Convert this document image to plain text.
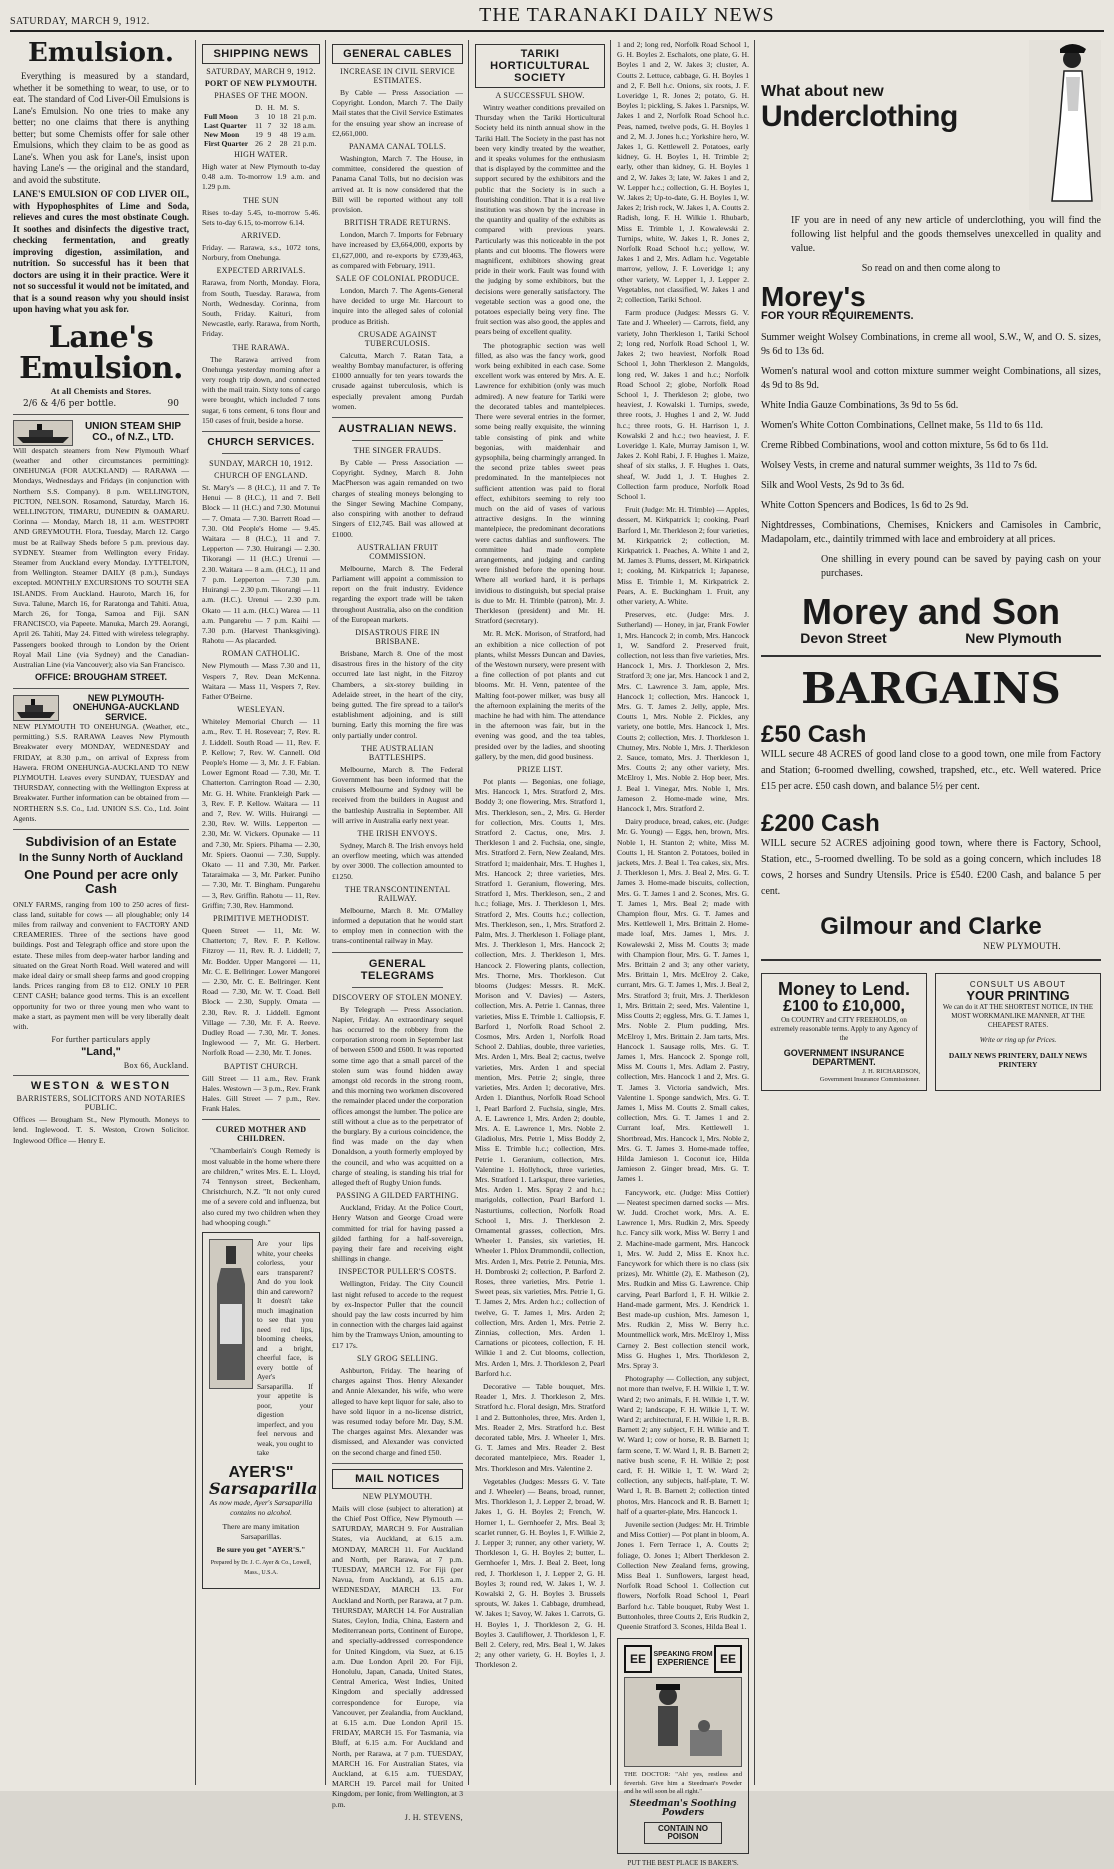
SATURDAY, MARCH 9, 1912.	THE TARANAKI DAILY NEWS
Emulsion.

Everything is measured by a standard, whether it be something to wear, to use, or to eat. The standard of Cod Liver-Oil Emulsions is Lane's Emulsion. No one tries to make any better; no one claims that there is anything better; but some Chemists offer for sale other Emulsions, which they claim to be as good as Lane's. When you ask for Lane's, insist upon having Lane's — the original and the standard, and avoid the substitute.

LANE'S EMULSION OF COD LIVER OIL, with Hypophosphites of Lime and Soda, relieves and cures the most obstinate Cough. It soothes and disinfects the digestive tract, checking fermentation, and greatly improving digestion, assimilation, and nutrition. So successful has it been that doctors are using it in their practice. Were it not so successful it would not be imitated, and that is a sound reason why you should insist upon having what you ask for.

Lane's Emulsion.
At all Chemists and Stores.
2/6 & 4/6 per bottle.	90
UNION STEAM SHIP CO., of N.Z., LTD.

Will despatch steamers from New Plymouth Wharf (weather and other circumstances permitting): ONEHUNGA (FOR AUCKLAND) — RARAWA — Mondays, Wednesdays and Fridays (in conjunction with Northern S.S. Company). 8 p.m. WELLINGTON, PICTON, NELSON. Rosamond, Saturday, March 16. WELLINGTON, TIMARU, DUNEDIN & OAMARU. Corinna — Monday, March 18, 11 a.m. WESTPORT AND GREYMOUTH. Flora, Tuesday, March 12. Cargo must be at Railway Sheds before 5 p.m. previous day. SYDNEY. Steamer from Wellington every Friday. Steamer from Auckland every Monday. LYTTELTON, from Wellington. Steamer DAILY (8 p.m.), Sundays excepted. MONTHLY EXCURSIONS TO SOUTH SEA ISLANDS. From Auckland. Hauroto, March 16, for Suva. Talune, March 16, for Raratonga and Tahiti. Atua, March 26, for Tonga, Samoa and Fiji. SAN FRANCISCO, via Papeete. Manuka, March 29. Aorangi, April 26. Tahiti, May 24. Fitted with wireless telegraphy. Passengers booked through to London by the Orient Royal Mail Line (via Sydney) and the Canadian-Australian Line (via Vancouver); also via San Francisco.

OFFICE: BROUGHAM STREET.
NEW PLYMOUTH-ONEHUNGA-AUCKLAND SERVICE.

NEW PLYMOUTH TO ONEHUNGA. (Weather, etc., permitting.) S.S. RARAWA Leaves New Plymouth Breakwater every MONDAY, WEDNESDAY and FRIDAY, at 8.30 p.m., on arrival of Express from Hawera. FROM ONEHUNGA-AUCKLAND TO NEW PLYMOUTH. Leaves every SUNDAY, TUESDAY and THURSDAY, connecting with the Wellington Express at Breakwater. Further information can be obtained from — NORTHERN S.S. Co., Ltd. UNION S.S. Co., Ltd. Joint Agents.

Subdivision of an Estate
In the Sunny North of Auckland
One Pound per acre only Cash

ONLY FARMS, ranging from 100 to 250 acres of first-class land, suitable for cows — all ploughable; only 14 miles from railway and convenient to FACTORY AND CREAMERIES. Three of the sections have good buildings. Post and Telegraph office and store upon the estate. These miles from deep-water harbor landing and situated on the Great North Road. Well watered and will make ideal dairy or small sheep farms and good cropping lands. Prices ranging from £8 to £12. ONLY 10 PER CENT CASH; balance good terms. This is an excellent opportunity for two or three young men who want to make a start, as payment men will be very liberally dealt with.

For further particulars apply
"Land,"
Box 66, Auckland.
WESTON & WESTON
BARRISTERS, SOLICITORS AND NOTARIES PUBLIC.

Offices — Brougham St., New Plymouth. Moneys to lend. Inglewood. T. S. Weston, Crown Solicitor. Inglewood Office — Henry E.

SHIPPING NEWS
SATURDAY, MARCH 9, 1912.
PORT OF NEW PLYMOUTH.
PHASES OF THE MOON.
	D.	H.	M.	S.
Full Moon	3	10	18	21 p.m.
Last Quarter	11	7	32	18 a.m.
New Moon	19	9	48	19 a.m.
First Quarter	26	2	28	21 p.m.
HIGH WATER.

High water at New Plymouth to-day 0.48 a.m. To-morrow 1.9 a.m. and 1.29 p.m.

THE SUN

Rises to-day 5.45, to-morrow 5.46. Sets to-day 6.15, to-morrow 6.14.

ARRIVED.

Friday. — Rarawa, s.s., 1072 tons, Norbury, from Onehunga.

EXPECTED ARRIVALS.

Rarawa, from North, Monday. Flora, from South, Tuesday. Rarawa, from North, Wednesday. Corinna, from South, Friday. Kaituri, from Newcastle, early. Rarawa, from North, Friday.

THE RARAWA.

The Rarawa arrived from Onehunga yesterday morning after a very rough trip down, and connected with the mail train. Sixty tons of cargo were brought, which included 7 tons sugar, 6 tons cement, 6 tons flour and 150 cases of fruit, beside a horse.

CHURCH SERVICES.
SUNDAY, MARCH 10, 1912.
CHURCH OF ENGLAND.

St. Mary's — 8 (H.C.), 11 and 7. Te Henui — 8 (H.C.), 11 and 7. Bell Block — 11 (H.C.) and 7.30. Motunui — 7. Omata — 7.30. Barrett Road — 7.30. Old People's Home — 9.45. Waitara — 8 (H.C.), 11 and 7. Lepperton — 7.30. Huirangi — 2.30. Tikorangi — 11 (H.C.) Urenui — 2.30. Waitara — 8 a.m. (H.C.), 11 and 7 p.m. Lepperton — 7.30 p.m. Huirangi — 2.30 p.m. Tikorangi — 11 a.m. (H.C.). Urenui — 2.30 p.m. Okato — 11 a.m. (H.C.) Warea — 11 a.m. Pungarehu — 7 p.m. Kaihi — 7.30 p.m. (Harvest Thanksgiving). Rahotu — As placarded.

ROMAN CATHOLIC.

New Plymouth — Mass 7.30 and 11, Vespers 7, Rev. Dean McKenna. Waitara — Mass 11, Vespers 7, Rev. Father O'Beirne.

WESLEYAN.

Whiteley Memorial Church — 11 a.m., Rev. T. H. Rosevear; 7, Rev. R. J. Liddell. South Road — 11, Rev. F. P. Kellow; 7, Rev. W. Cannell. Old People's Home — 3, Mr. J. F. Fabian. Lower Egmont Road — 7.30, Mr. T. Chatterton. Carrington Road — 2.30, Mr. G. H. White. Frankleigh Park — 3, Rev. F. P. Kellow. Waitara — 11 and 7, Rev. W. Wills. Huirangi — 2.30, Rev. W. Wills. Lepperton — 2.30, Mr. W. Vickers. Opunake — 11 and 7.30, Mr. Spiers. Pihama — 2.30, Mr. Spiers. Oaonui — 7.30, Supply. Okato — 11 and 7.30, Mr. Parker. Tataraimaka — 3, Mr. Parker. Puniho — 7.30, Mr. T. Bingham. Pungarehu — 3, Rev. Griffin. Rahotu — 11, Rev. Griffin; 7.30, Rev. Hammond.

PRIMITIVE METHODIST.

Queen Street — 11, Mr. W. Chatterton; 7, Rev. F. P. Kellow. Fitzroy — 11, Rev. R. J. Liddell; 7, Mr. Bodder. Upper Mangorei — 11, Mr. C. E. Bellringer. Lower Mangorei — 2.30, Mr. C. E. Bellringer. Kent Road — 7.30, Mr. W. T. Coad. Bell Block — 2.30, Supply. Omata — 2.30, Rev. R. J. Liddell. Egmont Village — 7.30, Mr. F. A. Reeve. Dudley Road — 7.30, Mr. T. Jones. Inglewood — 7, Mr. G. Herbert. Norfolk Road — 2.30, Mr. T. Jones.

BAPTIST CHURCH.

Gill Street — 11 a.m., Rev. Frank Hales. Westown — 3 p.m., Rev. Frank Hales. Gill Street — 7 p.m., Rev. Frank Hales.

CURED MOTHER AND CHILDREN.

"Chamberlain's Cough Remedy is most valuable in the home where there are children," writes Mrs. E. L. Lloyd, 74 Tennyson street, Beckenham, Christchurch, N.Z. "It not only cured me of a severe cold and influenza, but also cured my two children when they had whooping cough."

Are your lips white, your cheeks colorless, your ears transparent? And do you look thin and careworn? It doesn't take much imagination to see that you need red lips, blooming cheeks, and a bright, cheerful face, is every bottle of Ayer's Sarsaparilla. If your appetite is poor, your digestion imperfect, and you feel nervous and weak, you ought to take

AYER'S"
Sarsaparilla

As now made, Ayer's Sarsaparilla contains no alcohol.

There are many imitation Sarsaparillas.

Be sure you get "AYER'S."

Prepared by Dr. J. C. Ayer & Co., Lowell, Mass., U.S.A.

GENERAL CABLES
INCREASE IN CIVIL SERVICE ESTIMATES.

By Cable — Press Association — Copyright. London, March 7. The Daily Mail states that the Civil Service Estimates for the ensuing year show an increase of £2,661,000.

PANAMA CANAL TOLLS.

Washington, March 7. The House, in committee, considered the question of Panama Canal Tolls, but no decision was arrived at. It is now considered that the Bill will be reported without any toll provision.

BRITISH TRADE RETURNS.

London, March 7. Imports for February have increased by £3,664,000, exports by £1,627,000, and re-exports by £739,463, as compared with February, 1911.

SALE OF COLONIAL PRODUCE.

London, March 7. The Agents-General have decided to urge Mr. Harcourt to inquire into the alleged sales of colonial produce as British.

CRUSADE AGAINST TUBERCULOSIS.

Calcutta, March 7. Ratan Tata, a wealthy Bombay manufacturer, is offering £1000 annually for ten years towards the crusade against tuberculosis, which is especially prevalent among Purdah women.

AUSTRALIAN NEWS.
THE SINGER FRAUDS.

By Cable — Press Association — Copyright. Sydney, March 8. John MacPherson was again remanded on two charges of stealing moneys belonging to the Singer Sewing Machine Company, also conspiring with another to defraud Singers of £12,745. Bail was allowed at £1000.

AUSTRALIAN FRUIT COMMISSION.

Melbourne, March 8. The Federal Parliament will appoint a commission to report on the fruit industry. Evidence regarding the export trade will be taken throughout Australia, also on the condition of the European markets.

DISASTROUS FIRE IN BRISBANE.

Brisbane, March 8. One of the most disastrous fires in the history of the city occurred late last night, in the Fitzroy Chambers, a six-storey building in Adelaide street, in the heart of the city, being gutted. The fire spread to a tailor's establishment adjoining, and is still burning. Early this morning the fire was only partially under control.

THE AUSTRALIAN BATTLESHIPS.

Melbourne, March 8. The Federal Government has been informed that the cruisers Melbourne and Sydney will be received from the builders in August and the battleship Australia in September. All will arrive in Australia early next year.

THE IRISH ENVOYS.

Sydney, March 8. The Irish envoys held an overflow meeting, which was attended by over 3000. The collection amounted to £1250.

THE TRANSCONTINENTAL RAILWAY.

Melbourne, March 8. Mr. O'Malley informed a deputation that he would start to employ men in connection with the trans-continental railway in May.

GENERAL TELEGRAMS
DISCOVERY OF STOLEN MONEY.

By Telegraph — Press Association. Napier, Friday. An extraordinary sequel has occurred to the robbery from the corporation strong room in September last of between £500 and £600. It was reported some time ago that a small parcel of the stolen sum was found hidden away amongst old records in the strong room, and this morning two workmen discovered the remainder placed under the corporation offices amongst the lumber. The police are still without a clue as to the perpetrator of the burglary. By a curious coincidence, the find was made on the day when Donaldson, a youth formerly employed by the council, and who was acquitted on a charge of stealing, is standing his trial for alleged theft of Rugby Union funds.

PASSING A GILDED FARTHING.

Auckland, Friday. At the Police Court, Henry Watson and George Croad were committed for trial for having passed a gilded farthing for a half-sovereign, paying their fare and receiving eight shillings in change.

INSPECTOR PULLER'S COSTS.

Wellington, Friday. The City Council last night refused to accede to the request by ex-Inspector Puller that the council should pay the law costs incurred by him in connection with the charges laid against him by the Tramways Union, amounting to £17 17s.

SLY GROG SELLING.

Ashburton, Friday. The hearing of charges against Thos. Henry Alexander and Annie Alexander, his wife, who were alleged to have kept liquor for sale, also to have sold liquor in a no-license district, was resumed today before Mr. Day, S.M. The charges against Mrs. Alexander was dismissed, and Alexander was convicted on the second charge and fined £50.

MAIL NOTICES
NEW PLYMOUTH.

Mails will close (subject to alteration) at the Chief Post Office, New Plymouth — SATURDAY, MARCH 9. For Australian States, via Auckland, at 6.15 a.m. MONDAY, MARCH 11. For Auckland and North, per Rarawa, at 7 p.m. TUESDAY, MARCH 12. For Fiji (per Navua, from Auckland), at 6.15 a.m. WEDNESDAY, MARCH 13. For Auckland and North, per Rarawa, at 7 p.m. THURSDAY, MARCH 14. For Australian States, Ceylon, India, China, Eastern and Mediterranean ports, Continent of Europe, and specially-addressed correspondence for United Kingdom, via Suez, at 6.15 a.m. Due London April 20. For Fiji, Honolulu, Japan, Canada, United States, Central America, West Indies, United Kingdom and specially addressed correspondence for Europe, via Vancouver, per Zealandia, from Auckland, at 6.15 a.m. Due London April 15. FRIDAY, MARCH 15. For Tasmania, via Bluff, at 6.15 a.m. For Auckland and North, per Rarawa, at 7 p.m. TUESDAY, MARCH 16. For Australian States, via Auckland, at 6.15 a.m. TUESDAY, MARCH 19. Parcel mail for United Kingdom, per Ionic, from Wellington, at 3 p.m.

J. H. STEVENS,
TARIKI HORTICULTURAL SOCIETY
A SUCCESSFUL SHOW.

Wintry weather conditions prevailed on Thursday when the Tariki Horticultural Society held its ninth annual show in the Tariki Hall. The Society in the past has not been very kindly treated by the weather, and it speaks volumes for the enthusiasm that is displayed by the committee and the support secured by the exhibitors and the public that the Society is in such a flourishing condition. That it is a real live institution was shown by the increase in the quantity and quality of the exhibits as compared with previous years. Particularly was this noticeable in the pot plants and cut blooms. The flowers were magnificent, exhibitors showing great pride in their work. Fault was found with the judging by some exhibitors, but the decisions were generally satisfactory. The vegetable section was a good one, the potatoes especially being very fine. The fruit section was also good, the apples and pears being of excellent quality.

The photographic section was well filled, as also was the fancy work, good work being exhibited in each case. Some excellent work was entered by Mrs. A. E. Lawrence for exhibition (only was much admired). A new feature for Tariki were the decorated tables and mantelpieces. There were several entries in the former, some being really exquisite, the winning table consisting of pink and white begonias, with maidenhair and gypsophila, being charmingly arranged. In the second prize tables sweet peas predominated. In the mantelpieces not sufficient attention was paid to floral effect, exhibitors seeming to rely too much on the aid of vases of various attractive designs. In the winning mantelpiece, the predominant decorations were cactus dahlias and sunflowers. The committee had made complete arrangements, and judging and carding were finished before the opening hour. Where all worked hard, it is perhaps invidious to distinguish, but special praise is due to Mr. H. Trimble (patron), Mr. J. Therkleson (president) and Mr. H. Stratford (secretary).

Mr. R. McK. Morison, of Stratford, had an exhibition a nice collection of pot plants, whilst Messrs Duncan and Davies, of the Westown nursery, were present with a fine collection of pot plants and cut blooms. Mr. H. Venn, patentee of the Malting foot-power milker, was busy all the afternoon explaining the merits of the machine he had with him. The attendance in the afternoon was fair, but in the evening was good, and the tea tables, presided over by the ladies, and shooting gallery, by the men, did good business.

PRIZE LIST.

Pot plants — Begonias, one foliage, Mrs. Hancock 1, Mrs. Stratford 2, Mrs. Boddy 3; one flowering, Mrs. Stratford 1, Mrs. Therkleson, sen., 2, Mrs. G. Herder for collection, Mrs. Coutts 1, Mrs. Stratford 2. Cactus, one, Mrs. J. Therkleson 1 and 2. Fuchsia, one, single, Mrs. Stratford 2. Fern, New Zealand, Mrs. Stratford 1; maidenhair, Mrs. T. Hughes 1, Mrs. Hancock 2; three varieties, Mrs. Stratford 1. Geranium, flowering, Mrs. Stratford 1, Mrs. Therkleson, sen., 2 and h.c.; foliage, Mrs. J. Therkleson 1, Mrs. Stratford 2, Mrs. Coutts h.c.; collection, Mrs. Therkleson, sen., 1, Mrs. Stratford 2. Palm, Mrs. J. Therkleson 1. Foliage plant, Mrs. J. Therkleson 1, Mrs. Hancock 2; collection, Mrs. J. Therkleson 1, Mrs. Hancock 2. Flowering plants, collection, Mrs. Thorne, Mrs. Thorkleson. Cut blooms (Judges: Messrs. R. McK. Morison and V. Davies) — Asters, collection, Mrs. A. Petrie 1. Cannas, three varieties, Miss E. Trimble 1. Calliopsis, F. Barford 1, Norfolk Road School 2. Cosmos, Mrs. Arden 1, Norfolk Road School 2. Dahlias, double, three varieties, Mrs. Arden 1, Mrs. Beal 2; cactus, twelve varieties, Mrs. Arden 1 and special mention, Mrs. Petrie 2; single, three varieties, Mrs. Arden 1; decorative, Mrs. Arden 1. Dianthus, Norfolk Road School 1, Pearl Barford 2. Fuchsia, single, Mrs. A. E. Lawrence 1, Mrs. Arden 2; double, Mrs. A. E. Lawrence 1, Mrs. Noble 2. Gladiolus, Mrs. Petrie 1, Miss Boddy 2, Miss E. Trimble h.c.; collection, Mrs. Petrie 1. Geranium, collection, Mrs. Valentine 1. Hollyhock, three varieties, Mrs. Stratford 1. Larkspur, three varieties, Mrs. Arden 1. Mrs. Spray 2 and h.c.; marigolds, collection, Pearl Barford 1. Nasturtiums, collection, Norfolk Road School 1, Mrs. J. Therkleson 2. Ornamental grasses, collection, Mrs. Wheeler 1. Pansies, six varieties, H. Wheeler 1. Phlox Drummondii, collection, Mrs. Arden 1, Mrs. Petrie 2. Petunia, Mrs. H. Dombroski 2; collection, P. Barford 2. Roses, three varieties, Mrs. Petrie 1. Sweet peas, six varieties, Mrs. Petrie 1, G. T. James 2, Mrs. Arden h.c.; collection of twelve, G. T. James 1, Mrs. Arden 2; collection, Mrs. Arden 1, Mrs. Petrie 2. Zinnias, collection, Mrs. Arden 1. Carnations or picotees, collection, F. H. Wilkie 1 and 2. Cut blooms, collection, Mrs. Arden 1, Mrs. J. Thorkleson 2, Pearl Barford h.c.

Decorative — Table bouquet, Mrs. Reader 1, Mrs. J. Thorkleson 2, Mrs. Stratford h.c. Floral design, Mrs. Stratford 1 and 2. Buttonholes, three, Mrs. Arden 1, Mrs. Reader 2, Mrs. Stratford h.c. Best decorated table, Mrs. J. Wheeler 1, Mrs. G. T. James and Mrs. Reader 2. Best decorated mantelpiece, Mrs. Reader 1, Mrs. Thorkleson and Mrs. Valentine 2.

Vegetables (Judges: Messrs G. V. Tate and J. Wheeler) — Beans, broad, runner, Mrs. Thorkleson 1, J. Lepper 2, broad, W. Jakes 1, G. H. Boyles 2; French, W. Horner 1, L. Gernhoefer 2, Mrs. Beal 3; scarlet runner, G. H. Boyles 1, F. Wilkie 2, J. Lepper 3; runner, any other variety, W. Thorkleson 1, G. H. Boyles 2; butter, L. Gernhoefer 1, Mrs. J. Beal 2. Beet, long red, J. Thorkleson 1, J. Lepper 2, G. H. Boyles 3; round red, W. Jakes 1, W. J. Kowalski 2, G. H. Boyles 3. Brussels sprouts, W. Jakes 1. Cabbage, drumhead, W. Jakes 1; Savoy, W. Jakes 1. Carrots, G. H. Boyles 1, J. Thorkleson 2, G. H. Boyles 3. Cauliflower, J. Thorkleson 1, F. Bell 2. Celery, red, Mrs. Beal 1, W. Jakes 2; any other variety, G. H. Boyles 1, J. Thorkleson 2.

1 and 2; long red, Norfolk Road School 1, G. H. Boyles 2. Eschalots, one plate, G. H. Boyles 1 and 2, W. Jakes 3; cluster, A. Coutts 2. Lettuce, cabbage, G. H. Boyles 1 and 2, F. Bell h.c. Onions, six roots, J. F. Loveridge 1, R. Jones 2; potato, G. H. Boyles 1; pickling, S. Jakes 1. Parsnips, W. Jakes 1 and 2, Norfolk Road School h.c. Peas, named, twelve pods, G. H. Boyles 1 and 2, M. J. Jones h.c.; Yorkshire hero, W. Jakes 1, G. Kettlewell 2. Potatoes, early kidney, G. H. Boyles 1, H. Trimble 2; early, other than kidney, G. H. Boyles 1 and 2, W. Jakes 3; late, W. Jakes 1 and 2, W. Lepper h.c.; collection, G. H. Boyles 1, W. Jakes 2; Up-to-date, G. H. Boyles 1, W. Jakes 2; Irish rock, W. Jakes 1, A. Coutts 2. Radish, long, F. H. Wilkie 1. Rhubarb, Miss E. Trimble 1, J. Kowalewski 2. Turnips, white, W. Jakes 1, R. Jones 2, Norfolk Road School h.c.; yellow, W. Jakes 1 and 2, Mrs. Adlam h.c. Vegetable marrow, yellow, J. F. Loveridge 1; any other variety, W. Lepper 1, J. Lepper 2. Vegetables, not classified, W. Jakes 1 and 2; collection, Tariki School.

Farm produce (Judges: Messrs G. V. Tate and J. Wheeler) — Carrots, field, any variety, John Therkleson 1, Tariki School 2; long red, Norfolk Road School 1, W. Jakes 2; two heaviest, Norfolk Road School 1, John Therkleson 2. Mangolds, long red, W. Jakes 1 and h.c.; Norfolk Road School 2; globe, Norfolk Road School 1, J. Therkleson 2; globe, two heaviest, J. Kowalski 1. Turnips, swede, three roots, J. Hughes 1 and 2, W. Judd h.c.; three roots, G. H. Harrison 1, J. Kowalski 2 and h.c.; two heaviest, J. F. Loveridge 1. Kale, Murray Jamison 1, W. Jakes 2. Kohl Rabi, J. F. Hughes 1. Maize, sheaf of six stalks, J. F. Hughes 1. Oats, sheaf, W. Judd 1, J. T. Hughes 2. Collection farm produce, Norfolk Road School 1.

Fruit (Judge: Mr. H. Trimble) — Apples, dessert, M. Kirkpatrick 1; cooking, Pearl Barford 1, Mr. Therkleson 2; four varieties, M. Kirkpatrick 2; collection, M. Kirkpatrick 1. Peaches, A. White 1 and 2, M. James 3. Plums, dessert, M. Kirkpatrick 1; cooking, M. Kirkpatrick 1; Japanese, Miss E. Trimble 1, M. Kirkpatrick 2. Pears, A. E. Buckingham 1. Fruit, any other variety, A. White.

Preserves, etc. (Judge: Mrs. J. Sutherland) — Honey, in jar, Frank Fowler 1, Mrs. Hancock 2; in comb, Mrs. Hancock 1, W. Sandford 2. Preserved fruit, collection, not less than five varieties, Mrs. Hancock 1, Mrs. J. Thorkleson 2, Mrs. Stratford 3; one jar, Mrs. Hancock 1 and 2, Mrs. C. Lawrence 3. Jam, apple, Mrs. Hancock 1; collection, Mrs. Hancock 1, Mrs. G. T. James 2. Jelly, apple, Mrs. Coutts 1, Mrs. Noble 2. Pickles, any variety, one bottle, Mrs. Hancock 1, Mrs. Coutts 2; collection, Mrs. J. Thorkleson 1. Chutney, Mrs. Noble 1, Mrs. J. Therkleson 2. Sauce, tomato, Mrs. J. Therkleson 1, Mrs. Coutts 2; any other variety, Mrs. McElroy 1, Mrs. Noble 2. Hop beer, Mrs. J. Beal 1. Vinegar, Mrs. Noble 1, Mrs. Jameson 2. Home-made wine, Mrs. Hancock 1, Mrs. Stratford 2.

Dairy produce, bread, cakes, etc. (Judge: Mr. G. Young) — Eggs, hen, brown, Mrs. Noble 1, H. Stanton 2; white, Miss M. Coutts 1, H. Stanton 2. Potatoes, boiled in jackets, Mrs. J. Beal 1. Tea cakes, six, Mrs. J. Therkleson 1, Mrs. J. Beal 2, Mrs. G. T. James 3. Home-made biscuits, collection, Mrs. G. T. James 1 and 2. Scones, Mrs. G. T. James 1, Mrs. Beal 2; made with Champion flour, Mrs. G. T. James and Mrs. Kettlewell 1, Mrs. Brittain 2. Home-made loaf, Mrs. James 1, Mrs. J. Kowalewski 2, Miss M. Coutts 3; made with Champion flour, Mrs. G. T. James 1, Mrs. Brittain 2 and 3; any other variety, Mrs. Brittain 1, Mrs. McElroy 2. Cake, currant, Mrs. G. T. James 1, Mrs. J. Beal 2, Mrs. Stratford 3; fruit, Mrs. J. Therkleson 1, Mrs. Brittain 2; seed, Mrs. Valentine 1, Miss Coutts 2; eggless, Mrs. G. T. James 1, Mrs. Noble 2. Plum pudding, Mrs. McElroy 1, Mrs. Brittain 2. Jam tarts, Mrs. Hancock 1. Sausage rolls, Mrs. G. T. James 1, Mrs. Hancock 2. Sponge roll, Miss M. Coutts 1, Mrs. Adlam 2. Pastry, collection, Mrs. Hancock 1 and 2, Mrs. G. T. James 3. Victoria sandwich, Mrs. Valentine 1. Sponge sandwich, Mrs. G. T. James 1, Miss M. Coutts 2. Small cakes, collection, Mrs. G. T. James 1 and 2. Currant loaf, Mrs. Kettlewell 1. Shortbread, Mrs. Hancock 1, Mrs. Noble 2, Mrs. G. T. James 3. Home-made toffee, Hilda Jamieson 1. Coconut ice, Hilda Jamieson 2. Ginger bread, Mrs. G. T. James 1.

Fancywork, etc. (Judge: Miss Cottier) — Neatest specimen darned socks — Mrs. W. Judd. Crochet work, Mrs. A. E. Lawrence 1, Mrs. Rudkin 2, Mrs. Speedy h.c. Fancy silk work, Miss W. Berry 1 and 2. Machine-made garment, Mrs. Hancock 1, Mrs. W. Judd 2, Miss E. Knox h.c. Fancywork for which there is no class (six prizes), Mr. Whittle (2), E. Matheson (2), Mrs. Rudkin and Miss G. Lawrence. Chip carving, Pearl Barford 1, F. H. Wilkie 2. Hand-made garment, Mrs. J. Kendrick 1. Best made-up cushion, Mrs. Jameson 1, Mrs. Rudkin 2, Miss W. Berry h.c. Mountmellick work, Mrs. McElroy 1, Miss Carney 2. Best collection stencil work, Miss G. Hughes 1, Mrs. Thorkleson 2, Mrs. Spray 3.

Photography — Collection, any subject, not more than twelve, F. H. Wilkie 1, T. W. Ward 2; two animals, F. H. Wilkie 1, T. W. Ward 2; landscape, F. H. Wilkie 1, T. W. Ward 2; architectural, F. H. Wilkie 1, R. B. Barnett 2; any subject, F. H. Wilkie and T. W. Ward 1; cow or horse, R. B. Barnett 1; farm scene, T. W. Ward 1, R. B. Barnett 2; native bush scene, F. H. Wilkie 2; post card, F. H. Wilkie 1, T. W. Ward 2; collection, any subjects, half-plate, T. W. Ward 1, R. B. Barnett 2; collection tinted photos, Mrs. Hancock and R. B. Barnett 1; half of a quarter-plate, Mrs. Hancock 1.

Juvenile section (Judges: Mr. H. Trimble and Miss Cottier) — Pot plant in bloom, A. Jones 1. Fern Terrace 1, A. Coutts 2; foliage, O. Jones 1; Albert Therkleson 2. Collection New Zealand ferns, growing, Miss Beal 1. Sunflowers, largest head, Norfolk Road School 1. Collection cut flowers, Norfolk Road School 1, Pearl Barford h.c. Table bouquet, Ruby West 1. Buttonholes, three Coutts 2, Eris Rudkin 2, Queenie Stratford 3. Scones, Hilda Beal 1.

EE	SPEAKING FROM
EXPERIENCE EE

THE DOCTOR: "Ah! yes, restless and feverish. Give him a Steedman's Powder and he will soon be all right."

Steedman's Soothing Powders
CONTAIN NO POISON

PUT THE BEST PLACE IS BAKER'S.

What about new
Underclothing

IF you are in need of any new article of underclothing, you will find the following list helpful and the goods themselves unexcelled in quality and value.

So read on and then come along to

Morey's
FOR YOUR REQUIREMENTS.

Summer weight Wolsey Combinations, in creme all wool, S.W., W, and O. S. sizes, 9s 6d to 13s 6d.

Women's natural wool and cotton mixture summer weight Combinations, all sizes, 4s 9d to 8s 9d.

White India Gauze Combinations, 3s 9d to 5s 6d.

Women's White Cotton Combinations, Cellnet make, 5s 11d to 6s 11d.

Creme Ribbed Combinations, wool and cotton mixture, 5s 6d to 6s 11d.

Wolsey Vests, in creme and natural summer weights, 3s 11d to 7s 6d.

Silk and Wool Vests, 2s 9d to 3s 6d.

White Cotton Spencers and Bodices, 1s 6d to 2s 9d.

Nightdresses, Combinations, Chemises, Knickers and Camisoles in Cambric, Madapolam, etc., daintily trimmed with lace and embroidery at all prices.

One shilling in every pound can be saved by paying cash on your purchases.

Morey and Son
Devon Street	New Plymouth
BARGAINS
£50 Cash

WILL secure 48 ACRES of good land close to a good town, one mile from Factory and Station; 6-roomed dwelling, cowshed, trapshed, etc., etc. Well watered. Price £15 per acre. £50 cash down, and balance 5½ per cent.

£200 Cash

WILL secure 52 ACRES adjoining good town, where there is Factory, School, Station, etc., 5-roomed dwelling. To be sold as a going concern, which includes 18 cows, 2 horses and Sundry Utensils. Price is £540. £200 Cash, and balance 5 per cent.

Gilmour and Clarke
NEW PLYMOUTH.
Money to Lend.
£100 to £10,000,

On COUNTRY and CITY FREEHOLDS, on extremely reasonable terms. Apply to any Agency of the

GOVERNMENT INSURANCE DEPARTMENT.

J. H. RICHARDSON,

Government Insurance Commissioner.

CONSULT US ABOUT
YOUR PRINTING

We can do it AT THE SHORTEST NOTICE, IN THE MOST WORKMANLIKE MANNER, AT THE CHEAPEST RATES.

Write or ring up for Prices.

DAILY NEWS PRINTERY, DAILY NEWS PRINTERY
